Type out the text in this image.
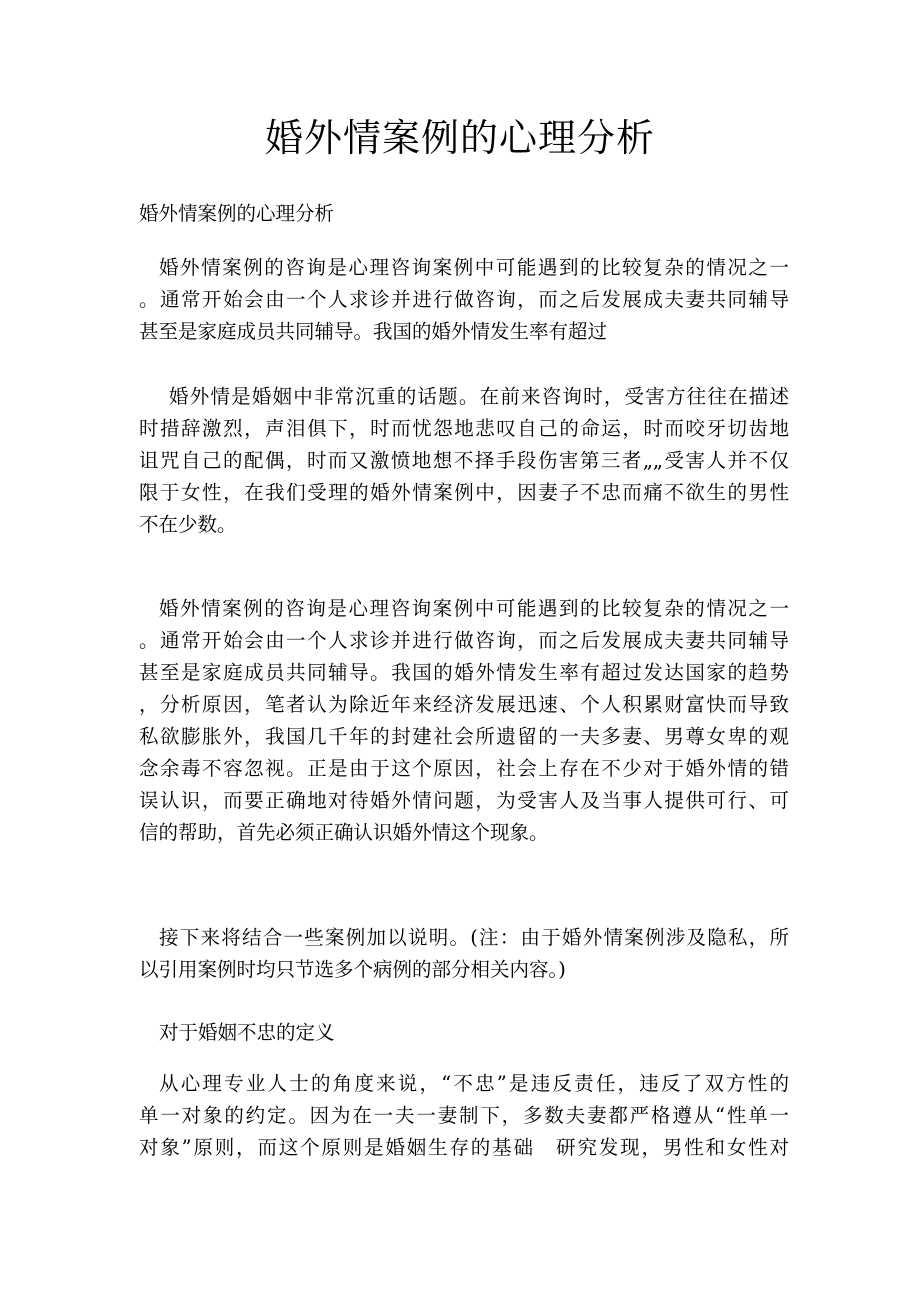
婚外情案例的心理分析
婚外情案例的心理分析
婚外情案例的咨询是心理咨询案例中可能遇到的比较复杂的情况之一
。通常开始会由一个人求诊并进行做咨询，而之后发展成夫妻共同辅导
甚至是家庭成员共同辅导。我国的婚外情发生率有超过
婚外情是婚姻中非常沉重的话题。在前来咨询时，受害方往往在描述
时措辞激烈，声泪俱下，时而忧怨地悲叹自己的命运，时而咬牙切齿地
诅咒自己的配偶，时而又激愤地想不择手段伤害第三者„„受害人并不仅
限于女性，在我们受理的婚外情案例中，因妻子不忠而痛不欲生的男性
不在少数。
婚外情案例的咨询是心理咨询案例中可能遇到的比较复杂的情况之一
。通常开始会由一个人求诊并进行做咨询，而之后发展成夫妻共同辅导
甚至是家庭成员共同辅导。我国的婚外情发生率有超过发达国家的趋势
，分析原因，笔者认为除近年来经济发展迅速、个人积累财富快而导致
私欲膨胀外，我国几千年的封建社会所遗留的一夫多妻、男尊女卑的观
念余毒不容忽视。正是由于这个原因，社会上存在不少对于婚外情的错
误认识，而要正确地对待婚外情问题，为受害人及当事人提供可行、可
信的帮助，首先必须正确认识婚外情这个现象。
接下来将结合一些案例加以说明。(注：由于婚外情案例涉及隐私，所
以引用案例时均只节选多个病例的部分相关内容。)
对于婚姻不忠的定义
从心理专业人士的角度来说，“不忠”是违反责任，违反了双方性的
单一对象的约定。因为在一夫一妻制下，多数夫妻都严格遵从“性单一
对象”原则，而这个原则是婚姻生存的基础　研究发现，男性和女性对
